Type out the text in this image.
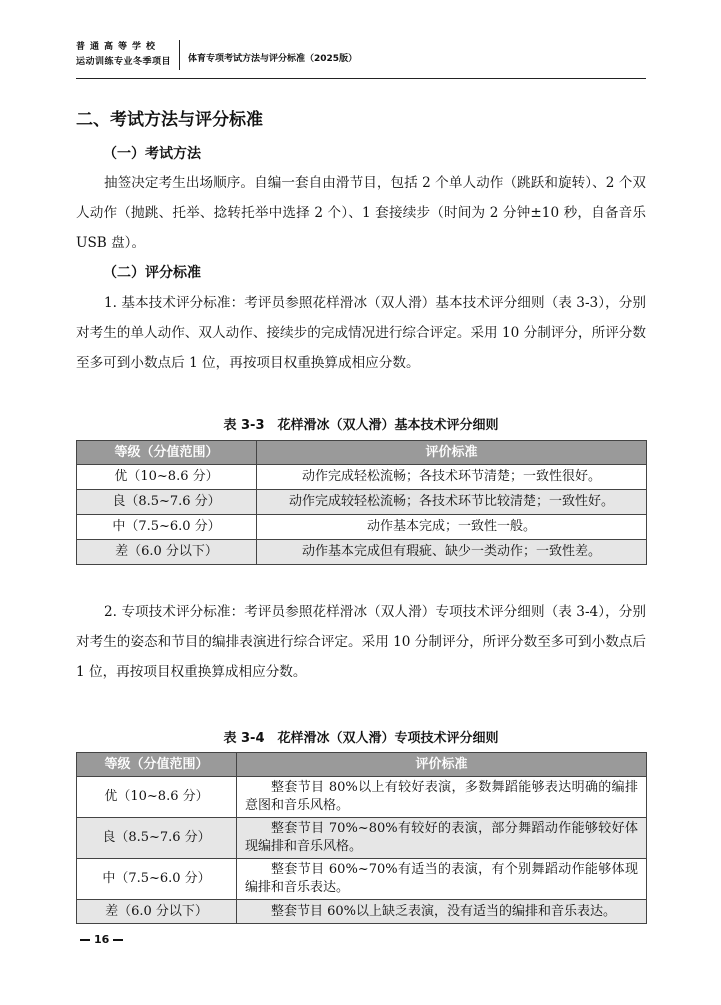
普通高等学校
运动训练专业冬季项目	体育专项考试方法与评分标准（2025版）
二、考试方法与评分标准
（一）考试方法
抽签决定考生出场顺序。自编一套自由滑节目，包括 2 个单人动作（跳跃和旋转）、2 个双人动作（抛跳、托举、捻转托举中选择 2 个）、1 套接续步（时间为 2 分钟±10 秒，自备音乐 USB 盘）。
（二）评分标准
1. 基本技术评分标准：考评员参照花样滑冰（双人滑）基本技术评分细则（表 3-3），分别对考生的单人动作、双人动作、接续步的完成情况进行综合评定。采用 10 分制评分，所评分数至多可到小数点后 1 位，再按项目权重换算成相应分数。
表 3-3　花样滑冰（双人滑）基本技术评分细则
等级（分值范围）	评价标准
优（10~8.6 分）	动作完成轻松流畅；各技术环节清楚；一致性很好。
良（8.5~7.6 分）	动作完成较轻松流畅；各技术环节比较清楚；一致性好。
中（7.5~6.0 分）	动作基本完成；一致性一般。
差（6.0 分以下）	动作基本完成但有瑕疵、缺少一类动作；一致性差。
2. 专项技术评分标准：考评员参照花样滑冰（双人滑）专项技术评分细则（表 3-4），分别对考生的姿态和节目的编排表演进行综合评定。采用 10 分制评分，所评分数至多可到小数点后 1 位，再按项目权重换算成相应分数。
表 3-4　花样滑冰（双人滑）专项技术评分细则
等级（分值范围）	评价标准
优（10~8.6 分）	整套节目 80%以上有较好表演，多数舞蹈能够表达明确的编排意图和音乐风格。
良（8.5~7.6 分）	整套节目 70%~80%有较好的表演，部分舞蹈动作能够较好体现编排和音乐风格。
中（7.5~6.0 分）	整套节目 60%~70%有适当的表演，有个别舞蹈动作能够体现编排和音乐表达。
差（6.0 分以下）	整套节目 60%以上缺乏表演，没有适当的编排和音乐表达。
16
